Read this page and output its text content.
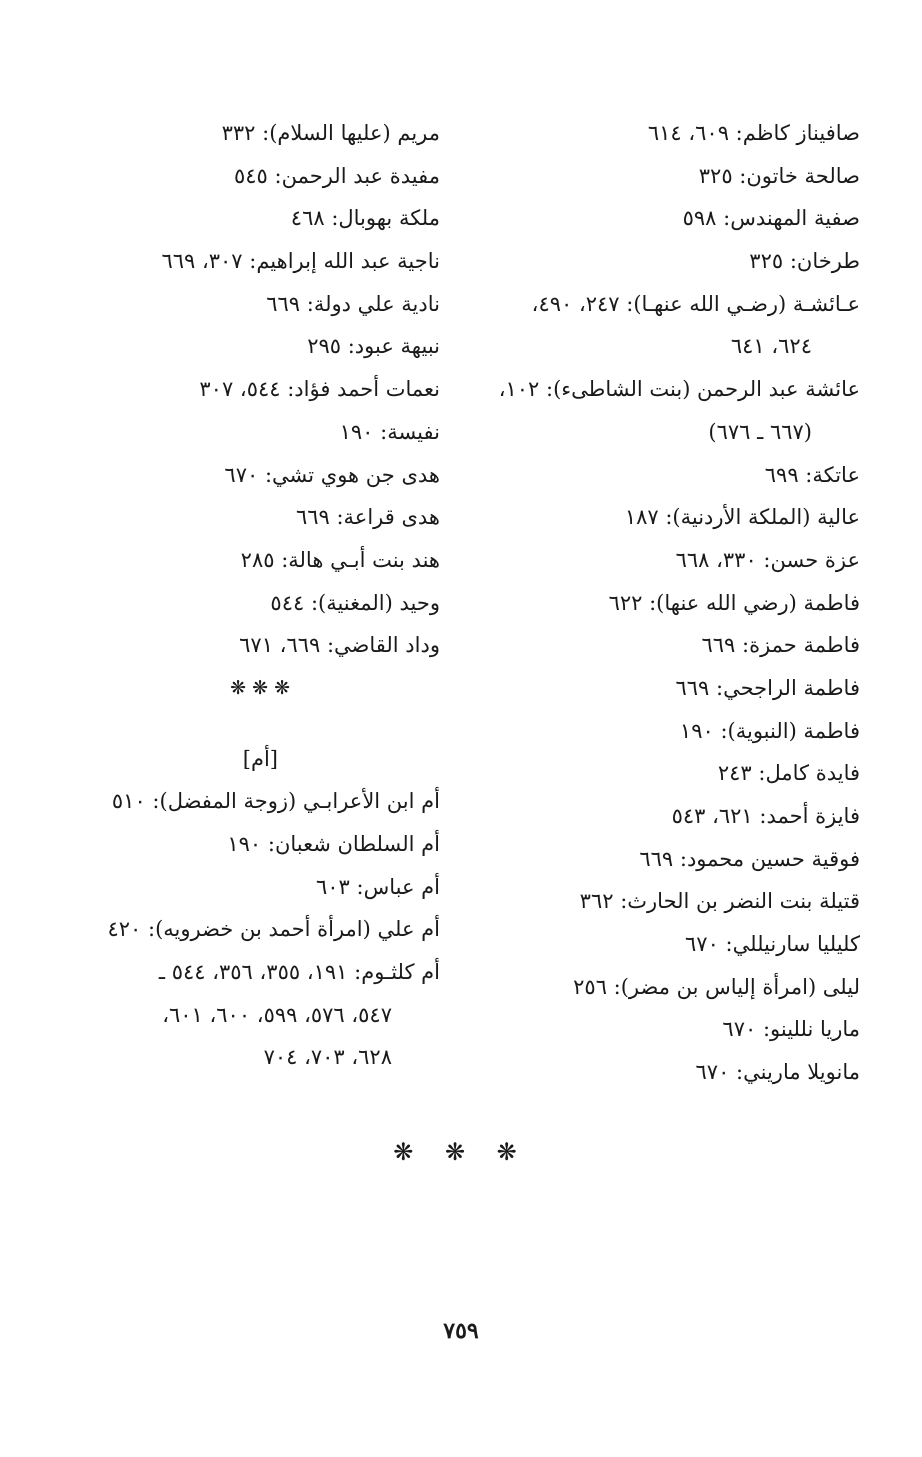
صافيناز كاظم: ٦٠٩، ٦١٤
صالحة خاتون: ٣٢٥
صفية المهندس: ٥٩٨
طرخان: ٣٢٥
عـائشـة (رضـي الله عنهـا): ٢٤٧، ٤٩٠،
٦٢٤، ٦٤١
عائشة عبد الرحمن (بنت الشاطىء): ١٠٢،
(٦٦٧ ـ ٦٧٦)
عاتكة: ٦٩٩
عالية (الملكة الأردنية): ١٨٧
عزة حسن: ٣٣٠، ٦٦٨
فاطمة (رضي الله عنها): ٦٢٢
فاطمة حمزة: ٦٦٩
فاطمة الراجحي: ٦٦٩
فاطمة (النبوية): ١٩٠
فايدة كامل: ٢٤٣
فايزة أحمد: ٦٢١، ٥٤٣
فوقية حسين محمود: ٦٦٩
قتيلة بنت النضر بن الحارث: ٣٦٢
كليليا سارنيللي: ٦٧٠
ليلى (امرأة إلياس بن مضر): ٢٥٦
ماريا نللينو: ٦٧٠
مانويلا ماريني: ٦٧٠
مريم (عليها السلام): ٣٣٢
مفيدة عبد الرحمن: ٥٤٥
ملكة بهوبال: ٤٦٨
ناجية عبد الله إبراهيم: ٣٠٧، ٦٦٩
نادية علي دولة: ٦٦٩
نبيهة عبود: ٢٩٥
نعمات أحمد فؤاد: ٥٤٤، ٣٠٧
نفيسة: ١٩٠
هدى جن هوي تشي: ٦٧٠
هدى قراعة: ٦٦٩
هند بنت أبـي هالة: ٢٨٥
وحيد (المغنية): ٥٤٤
وداد القاضي: ٦٦٩، ٦٧١
❋ ❋ ❋
[أم]
أم ابن الأعرابـي (زوجة المفضل): ٥١٠
أم السلطان شعبان: ١٩٠
أم عباس: ٦٠٣
أم علي (امرأة أحمد بن خضرويه): ٤٢٠
أم كلثـوم: ١٩١، ٣٥٥، ٣٥٦، ٥٤٤ ـ
٥٤٧، ٥٧٦، ٥٩٩، ٦٠٠، ٦٠١،
٦٢٨، ٧٠٣، ٧٠٤
❋ ❋ ❋
٧٥٩
